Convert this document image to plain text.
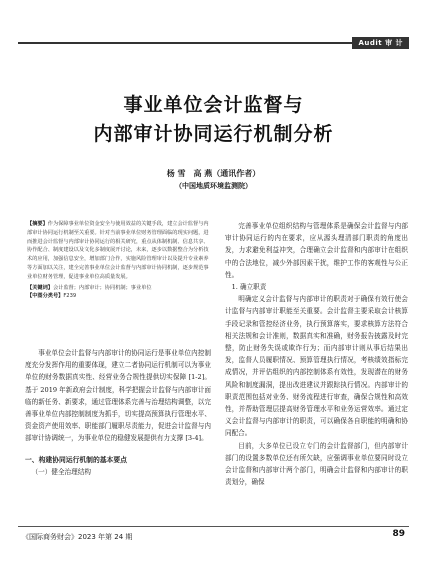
Audit 审 计
事业单位会计监督与
内部审计协同运行机制分析
杨 雪　高 燕（通讯作者）
（中国地质环境监测院）

【摘要】作为保障事业单位资金安全与使用效益的关键手段，建立会计监督与内部审计协同运行机制至关重要。针对当前事业单位财务管理面临的现实问题，进而推进会计监督与内部审计协同运行的相关研究，重点从体制机制、信息共享、协作配合、制度建设以及文化多制度展开讨论，未来，逐步以数据整合为分析技术的应用，加强信息安全，增加部门合作，实施风险管理审计以及提升专业素养等方面加以关注，建全完善事业单位会计监督与内部审计协同机制，逐步规范事业单位财务管理，促进事业单位高质量发展。

【关键词】会计监督；内部审计；协同机制；事业单位

【中图分类号】F239

事业单位会计监督与内部审计的协同运行是事业单位内控制度充分发挥作用的重要体现，建立二者协同运行机制可以为事业单位的财务数据真实性、经营业务合规性提供切实保障 [1-2]。基于 2019 年新政府会计制度，科学把握会计监督与内部审计面临的新任务、新要求，通过管理体系完善与治理结构调整，以完善事业单位内部控制制度为抓手，切实提高预算执行管理水平、资金资产使用效率、职能部门履职尽责能力，促进会计监督与内部审计协调统一，为事业单位的稳健发展提供有力支撑 [3-4]。

一、构建协同运行机制的基本要点

（一）健全治理结构

完善事业单位组织结构与管理体系是确保会计监督与内部审计协同运行的内在要求，应从源头理清部门职责的角度出发，力求避免利益冲突，合理确立会计监督和内部审计在组织中的合法地位，减少外部因素干扰，维护工作的客观性与公正性。

1. 确立职责

明确定义会计监督与内部审计的职责对于确保有效行使会计监督与内部审计职能至关重要。会计监督主要采取会计核算手段记录和管控经济业务，执行预算落实，要求核算方法符合相关法规和会计准则，数据真实和准确，财务报告披露及时完整，防止财务失误或欺诈行为；而内部审计则从事后结果出发，监督人员履职情况、预算管理执行情况，考核绩效指标完成情况，并评估组织的内部控制体系有效性，发现潜在的财务风险和制度漏洞，提出改进建议并跟踪执行情况。内部审计的职责范围包括对业务、财务流程进行审查，确保合规性和高效性，并帮助管理层提高财务管理水平和业务运营效率。通过定义会计监督与内部审计的职责，可以确保各自职能的明确和协同配合。

目前，大多单位已设立专门的会计监督部门，但内部审计部门的设置多数单位还有所欠缺，应强调事业单位要同时设立会计监督和内部审计两个部门，明确会计监督和内部审计的职责划分，确保

《国际商务财会》2023 年第 24 期	89
